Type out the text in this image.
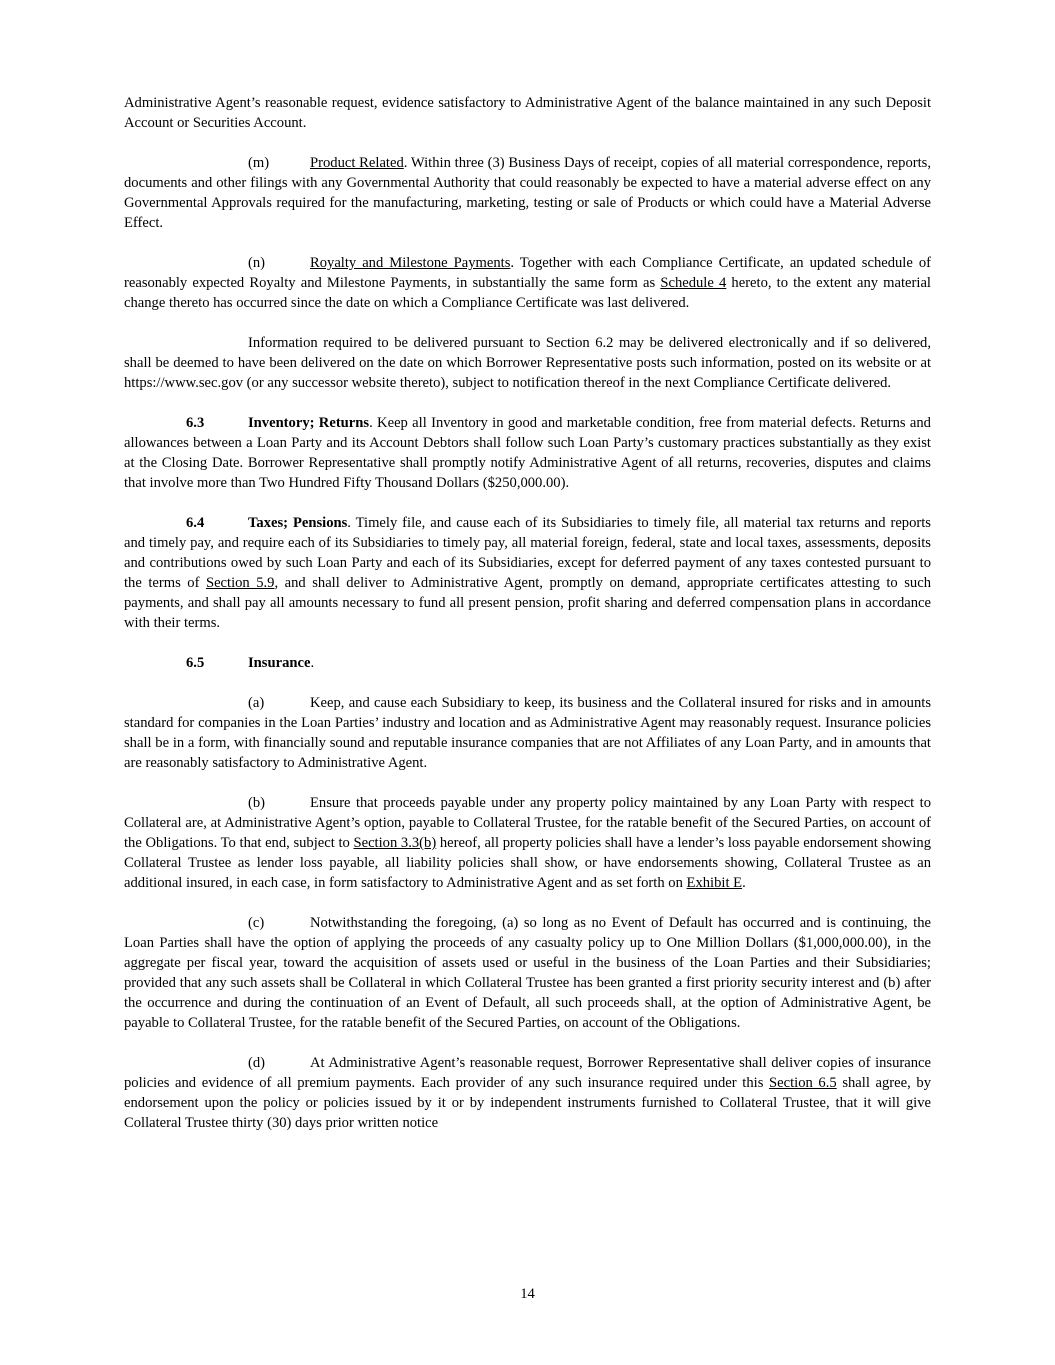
Administrative Agent’s reasonable request, evidence satisfactory to Administrative Agent of the balance maintained in any such Deposit Account or Securities Account.

(m)	Product Related. Within three (3) Business Days of receipt, copies of all material correspondence, reports, documents and other filings with any Governmental Authority that could reasonably be expected to have a material adverse effect on any Governmental Approvals required for the manufacturing, marketing, testing or sale of Products or which could have a Material Adverse Effect.

(n)	Royalty and Milestone Payments. Together with each Compliance Certificate, an updated schedule of reasonably expected Royalty and Milestone Payments, in substantially the same form as Schedule 4 hereto, to the extent any material change thereto has occurred since the date on which a Compliance Certificate was last delivered.

Information required to be delivered pursuant to Section 6.2 may be delivered electronically and if so delivered, shall be deemed to have been delivered on the date on which Borrower Representative posts such information, posted on its website or at https://www.sec.gov (or any successor website thereto), subject to notification thereof in the next Compliance Certificate delivered.

6.3	Inventory; Returns. Keep all Inventory in good and marketable condition, free from material defects. Returns and allowances between a Loan Party and its Account Debtors shall follow such Loan Party’s customary practices substantially as they exist at the Closing Date. Borrower Representative shall promptly notify Administrative Agent of all returns, recoveries, disputes and claims that involve more than Two Hundred Fifty Thousand Dollars ($250,000.00).

6.4	Taxes; Pensions. Timely file, and cause each of its Subsidiaries to timely file, all material tax returns and reports and timely pay, and require each of its Subsidiaries to timely pay, all material foreign, federal, state and local taxes, assessments, deposits and contributions owed by such Loan Party and each of its Subsidiaries, except for deferred payment of any taxes contested pursuant to the terms of Section 5.9, and shall deliver to Administrative Agent, promptly on demand, appropriate certificates attesting to such payments, and shall pay all amounts necessary to fund all present pension, profit sharing and deferred compensation plans in accordance with their terms.

6.5	Insurance.

(a)	Keep, and cause each Subsidiary to keep, its business and the Collateral insured for risks and in amounts standard for companies in the Loan Parties’ industry and location and as Administrative Agent may reasonably request. Insurance policies shall be in a form, with financially sound and reputable insurance companies that are not Affiliates of any Loan Party, and in amounts that are reasonably satisfactory to Administrative Agent.

(b)	Ensure that proceeds payable under any property policy maintained by any Loan Party with respect to Collateral are, at Administrative Agent’s option, payable to Collateral Trustee, for the ratable benefit of the Secured Parties, on account of the Obligations. To that end, subject to Section 3.3(b) hereof, all property policies shall have a lender’s loss payable endorsement showing Collateral Trustee as lender loss payable, all liability policies shall show, or have endorsements showing, Collateral Trustee as an additional insured, in each case, in form satisfactory to Administrative Agent and as set forth on Exhibit E.

(c)	Notwithstanding the foregoing, (a) so long as no Event of Default has occurred and is continuing, the Loan Parties shall have the option of applying the proceeds of any casualty policy up to One Million Dollars ($1,000,000.00), in the aggregate per fiscal year, toward the acquisition of assets used or useful in the business of the Loan Parties and their Subsidiaries; provided that any such assets shall be Collateral in which Collateral Trustee has been granted a first priority security interest and (b) after the occurrence and during the continuation of an Event of Default, all such proceeds shall, at the option of Administrative Agent, be payable to Collateral Trustee, for the ratable benefit of the Secured Parties, on account of the Obligations.

(d)	At Administrative Agent’s reasonable request, Borrower Representative shall deliver copies of insurance policies and evidence of all premium payments. Each provider of any such insurance required under this Section 6.5 shall agree, by endorsement upon the policy or policies issued by it or by independent instruments furnished to Collateral Trustee, that it will give Collateral Trustee thirty (30) days prior written notice

14
